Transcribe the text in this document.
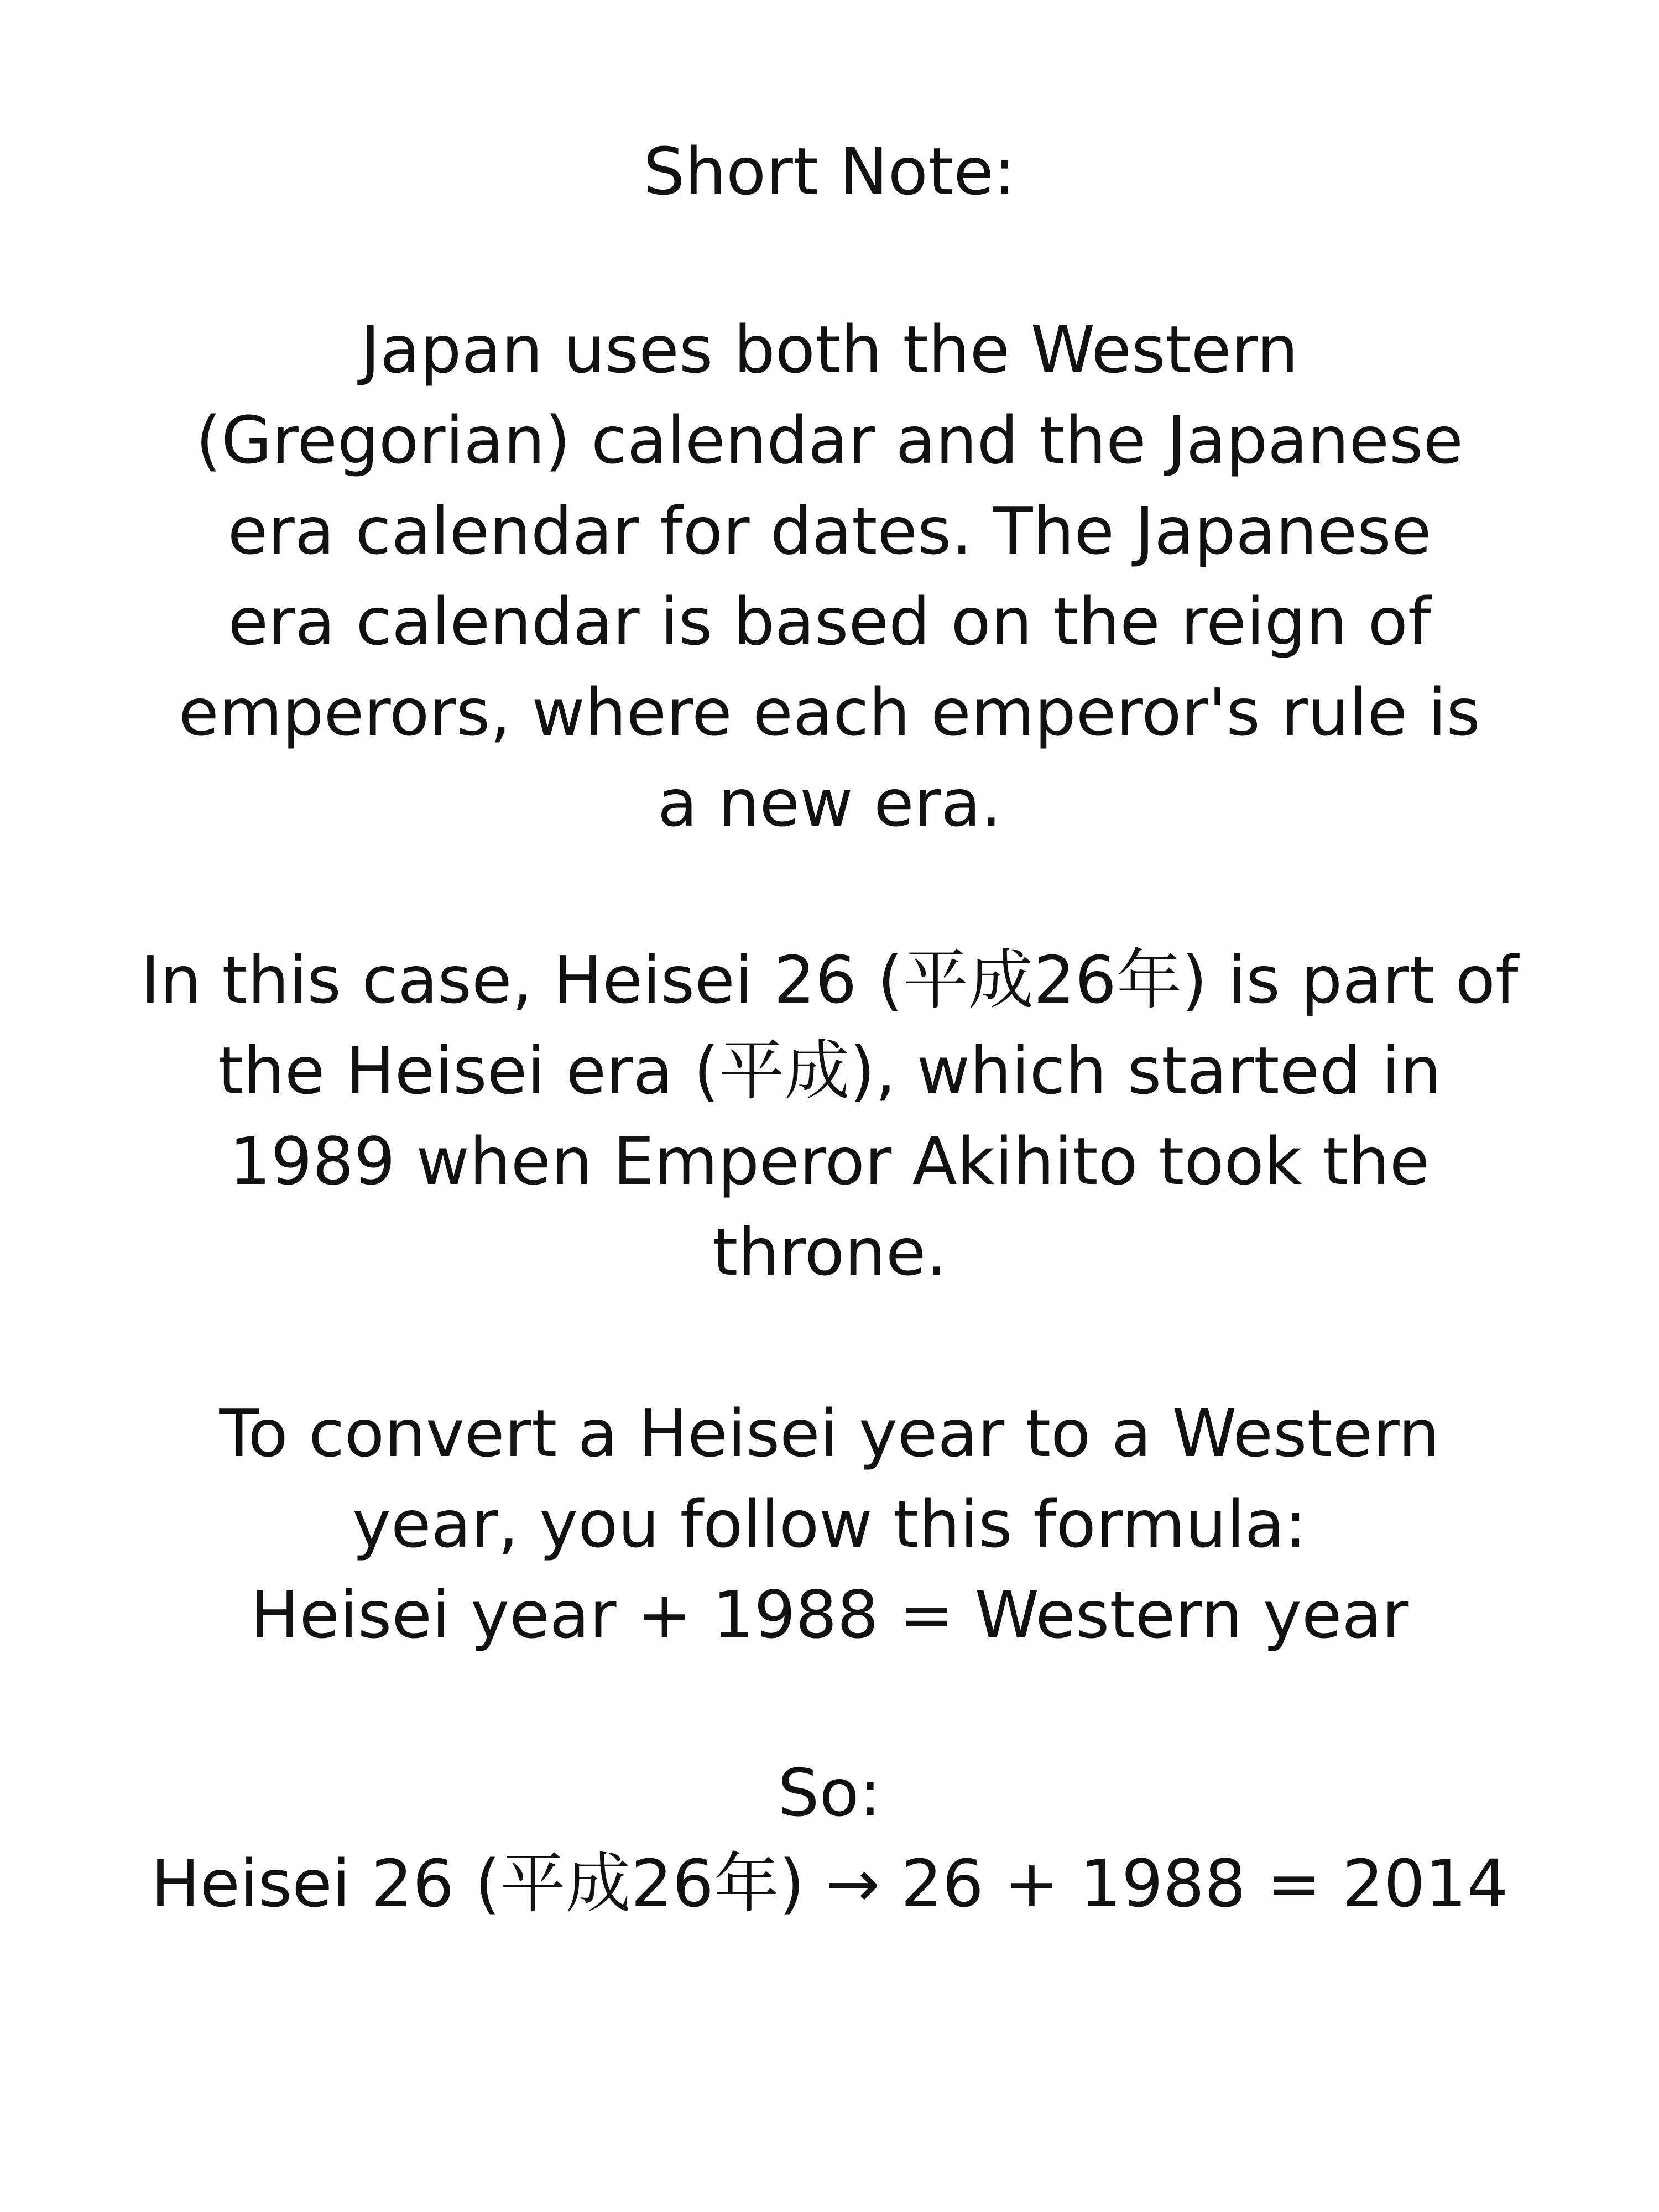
Short Note:

Japan uses both the Western
(Gregorian) calendar and the Japanese
era calendar for dates. The Japanese
era calendar is based on the reign of
emperors, where each emperor's rule is
a new era.

In this case, Heisei 26 (平成26年) is part of
the Heisei era (平成), which started in
1989 when Emperor Akihito took the
throne.

To convert a Heisei year to a Western
year, you follow this formula:
Heisei year + 1988 = Western year

So:
Heisei 26 (平成26年) → 26 + 1988 = 2014
